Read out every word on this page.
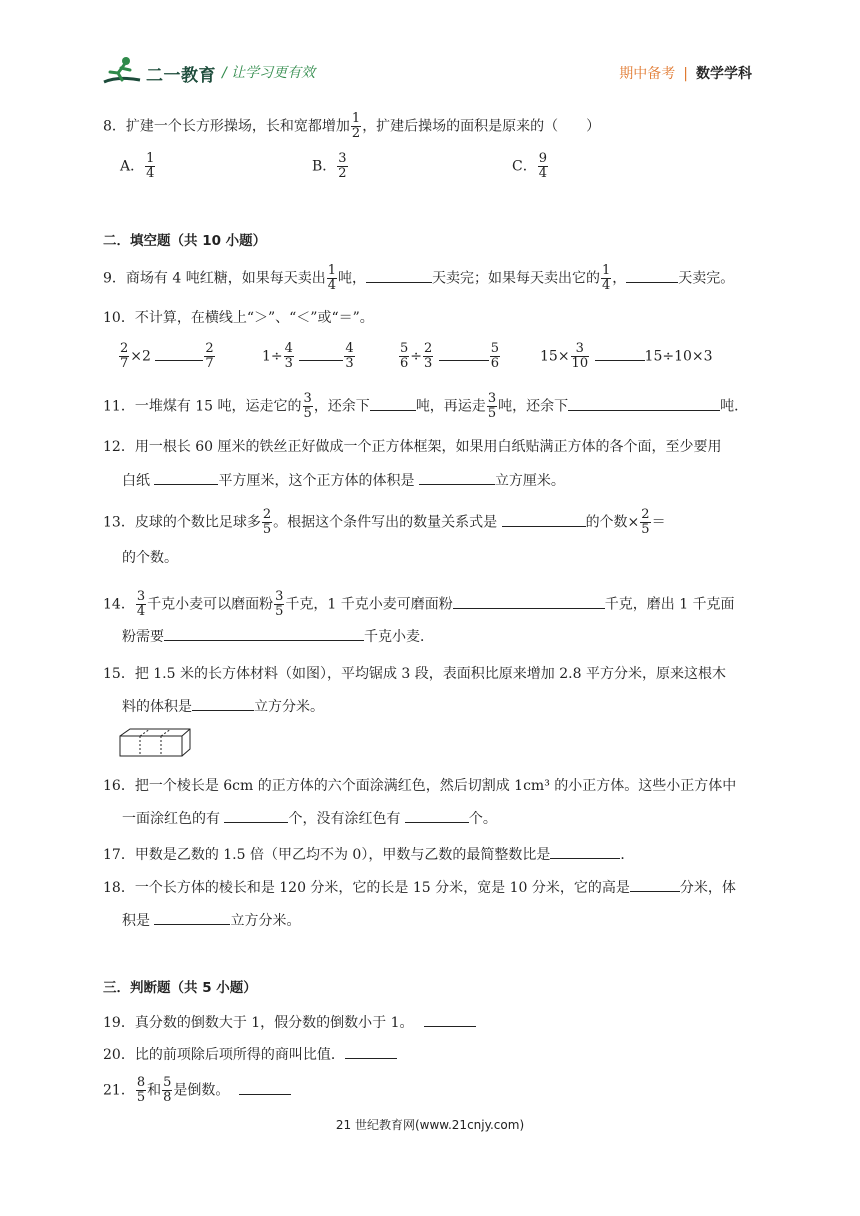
二一教育 / 让学习更有效	期中备考 | 数学学科
8．扩建一个长方形操场，长和宽都增加 $\frac{1}{2}$ ，扩建后操场的面积是原来的（　　）
A． $\frac{1}{4}$	B． $\frac{3}{2}$	C． $\frac{9}{4}$
二．填空题（共 10 小题）
9．商场有 4 吨红糖，如果每天卖出 $\frac{1}{4}$ 吨，	天卖完；如果每天卖出它的 $\frac{1}{4}$ ，	天卖完。
10．不计算，在横线上“＞”、“＜”或“＝”。
$\frac{2}{7} \times 2$	$\frac{2}{7}$	$1\div \frac{4}{3}$
	$\frac{4}{3}$	$\frac{5}{6} \div \frac{2}{3}$
	$\frac{5}{6}$	$15\times \frac{3}{10}$	15÷10×3
11．一堆煤有 15 吨，运走它的 $\frac{3}{5}$ ，还余下	吨，再运走 $\frac{3}{5}$ 吨，还余下	吨．
12．用一根长 60 厘米的铁丝正好做成一个正方体框架，如果用白纸贴满正方体的各个面，至少要用
白纸	平方厘米，这个正方体的体积是	立方厘米。
13．皮球的个数比足球多 $\frac{2}{5}$ 。根据这个条件写出的数量关系式是	的个数× $\frac{2}{5}$ ＝
的个数。
14． $\frac{3}{4}$ 千克小麦可以磨面粉 $\frac{3}{5}$ 千克，1 千克小麦可磨面粉	千克，磨出 1 千克面
粉需要	千克小麦．
15．把 1.5 米的长方体材料（如图），平均锯成 3 段，表面积比原来增加 2.8 平方分米，原来这根木
料的体积是	立方分米。
16．把一个棱长是 6cm 的正方体的六个面涂满红色，然后切割成 1cm³ 的小正方体。这些小正方体中
一面涂红色的有	个，没有涂红色有	个。
17．甲数是乙数的 1.5 倍（甲乙均不为 0），甲数与乙数的最简整数比是	．
18．一个长方体的棱长和是 120 分米，它的长是 15 分米，宽是 10 分米，它的高是	分米，体
积是	立方分米。
三．判断题（共 5 小题）
19．真分数的倒数大于 1，假分数的倒数小于 1。
20．比的前项除后项所得的商叫比值．
21． $\frac{8}{5}$ 和 $\frac{5}{8}$ 是倒数。
21 世纪教育网(www.21cnjy.com)
